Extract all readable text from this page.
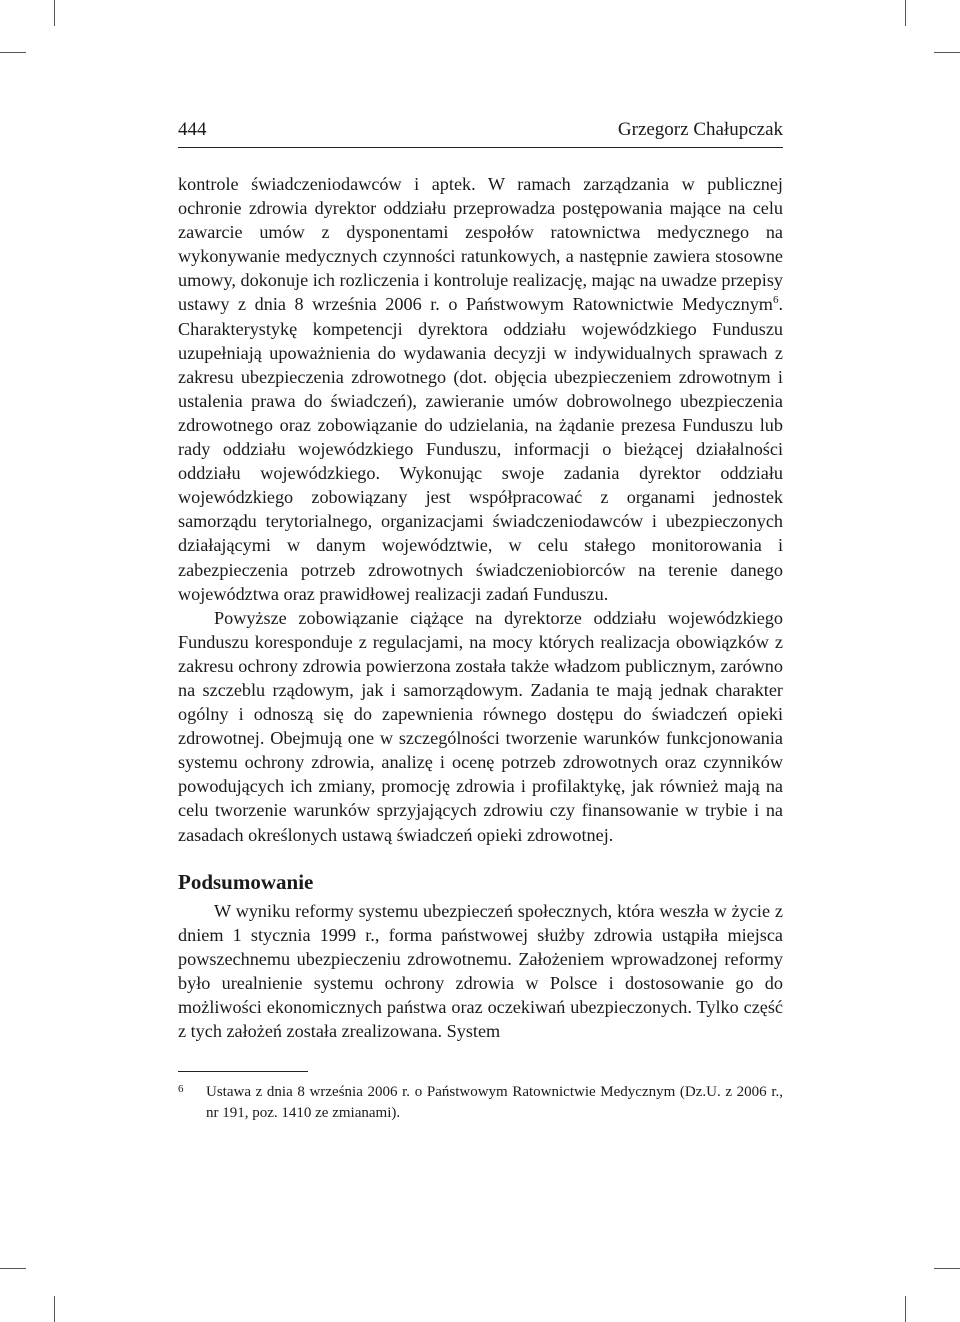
444	Grzegorz Chałupczak

kontrole świadczeniodawców i aptek. W ramach zarządzania w publicznej ochronie zdrowia dyrektor oddziału przeprowadza postępowania mające na celu zawarcie umów z dysponentami zespołów ratownictwa medycznego na wykonywanie medycznych czynności ratunkowych, a następnie zawiera stosowne umowy, dokonuje ich rozliczenia i kontroluje realizację, mając na uwadze przepisy ustawy z dnia 8 września 2006 r. o Państwowym Ratownictwie Medycznym$^6$. Charakterystykę kompetencji dyrektora oddziału wojewódzkiego Funduszu uzupełniają upoważnienia do wydawania decyzji w indywidualnych sprawach z zakresu ubezpieczenia zdrowotnego (dot. objęcia ubezpieczeniem zdrowotnym i ustalenia prawa do świadczeń), zawieranie umów dobrowolnego ubezpieczenia zdrowotnego oraz zobowiązanie do udzielania, na żądanie prezesa Funduszu lub rady oddziału wojewódzkiego Funduszu, informacji o bieżącej działalności oddziału wojewódzkiego. Wykonując swoje zadania dyrektor oddziału wojewódzkiego zobowiązany jest współpracować z organami jednostek samorządu terytorialnego, organizacjami świadczeniodawców i ubezpieczonych działającymi w danym województwie, w celu stałego monitorowania i zabezpieczenia potrzeb zdrowotnych świadczeniobiorców na terenie danego województwa oraz prawidłowej realizacji zadań Funduszu.

Powyższe zobowiązanie ciążące na dyrektorze oddziału wojewódzkiego Funduszu koresponduje z regulacjami, na mocy których realizacja obowiązków z zakresu ochrony zdrowia powierzona została także władzom publicznym, zarówno na szczeblu rządowym, jak i samorządowym. Zadania te mają jednak charakter ogólny i odnoszą się do zapewnienia równego dostępu do świadczeń opieki zdrowotnej. Obejmują one w szczególności tworzenie warunków funkcjonowania systemu ochrony zdrowia, analizę i ocenę potrzeb zdrowotnych oraz czynników powodujących ich zmiany, promocję zdrowia i profilaktykę, jak również mają na celu tworzenie warunków sprzyjających zdrowiu czy finansowanie w trybie i na zasadach określonych ustawą świadczeń opieki zdrowotnej.

Podsumowanie

W wyniku reformy systemu ubezpieczeń społecznych, która weszła w życie z dniem 1 stycznia 1999 r., forma państwowej służby zdrowia ustąpiła miejsca powszechnemu ubezpieczeniu zdrowotnemu. Założeniem wprowadzonej reformy było urealnienie systemu ochrony zdrowia w Polsce i dostosowanie go do możliwości ekonomicznych państwa oraz oczekiwań ubezpieczonych. Tylko część z tych założeń została zrealizowana. System

6 Ustawa z dnia 8 września 2006 r. o Państwowym Ratownictwie Medycznym (Dz.U. z 2006 r., nr 191, poz. 1410 ze zmianami).
